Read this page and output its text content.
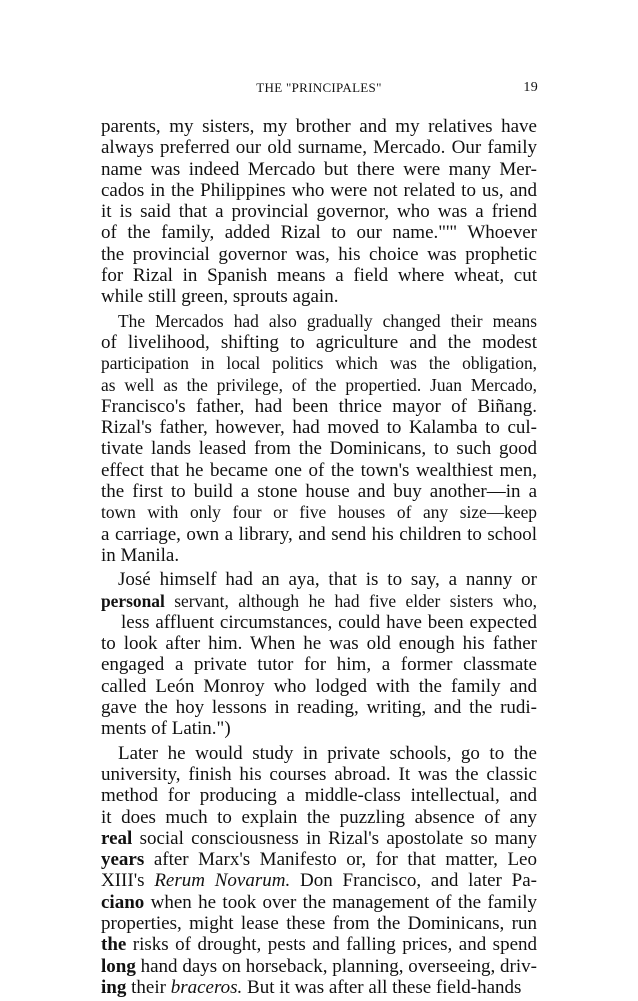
THE "PRINCIPALES"	19

parents, my sisters, my brother and my relatives have
always preferred our old surname, Mercado. Our family
name was indeed Mercado but there were many Mer-
cados in the Philippines who were not related to us, and
it is said that a provincial governor, who was a friend
of the family, added Rizal to our name."'" Whoever
the provincial governor was, his choice was prophetic
for Rizal in Spanish means a field where wheat, cut
while still green, sprouts again.

The Mercados had also gradually changed their means
of livelihood, shifting to agriculture and the modest
participation in local politics which was the obligation,
as well as the privilege, of the propertied. Juan Mercado,
Francisco's father, had been thrice mayor of Biñang.
Rizal's father, however, had moved to Kalamba to cul-
tivate lands leased from the Dominicans, to such good
effect that he became one of the town's wealthiest men,
the first to build a stone house and buy another—in a
town with only four or five houses of any size—keep
a carriage, own a library, and send his children to school
in Manila.

José himself had an aya, that is to say, a nanny or
personal servant, although he had five elder sisters who,
less affluent circumstances, could have been expected
to look after him. When he was old enough his father
engaged a private tutor for him, a former classmate
called León Monroy who lodged with the family and
gave the hoy lessons in reading, writing, and the rudi-
ments of Latin.")

Later he would study in private schools, go to the
university, finish his courses abroad. It was the classic
method for producing a middle-class intellectual, and
it does much to explain the puzzling absence of any
real social consciousness in Rizal's apostolate so many
years after Marx's Manifesto or, for that matter, Leo
XIII's Rerum Novarum. Don Francisco, and later Pa-
ciano when he took over the management of the family
properties, might lease these from the Dominicans, run
the risks of drought, pests and falling prices, and spend
long hand days on horseback, planning, overseeing, driv-
ing their braceros. But it was after all these field-hands
